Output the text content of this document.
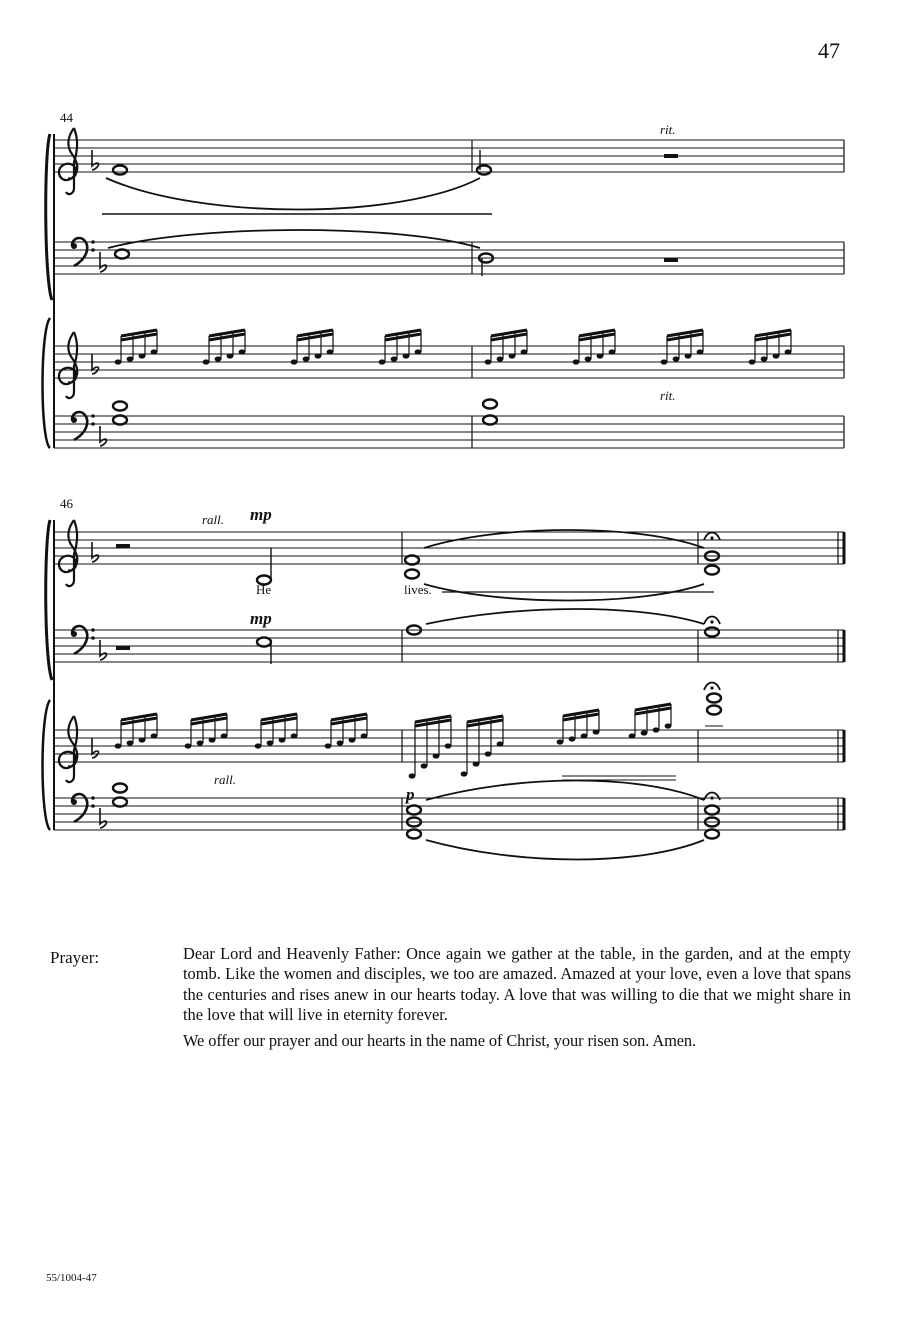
47
44
rit.
rit.
46
rall. mp
He	lives.
mp
rall.
p
Prayer:	Dear Lord and Heavenly Father: Once again we gather at the table, in the garden, and at the empty tomb. Like the women and disciples, we too are amazed. Amazed at your love, even a love that spans the centuries and rises anew in our hearts today. A love that was willing to die that we might share in the love that will live in eternity forever.

We offer our prayer and our hearts in the name of Christ, your risen son. Amen.

55/1004-47
